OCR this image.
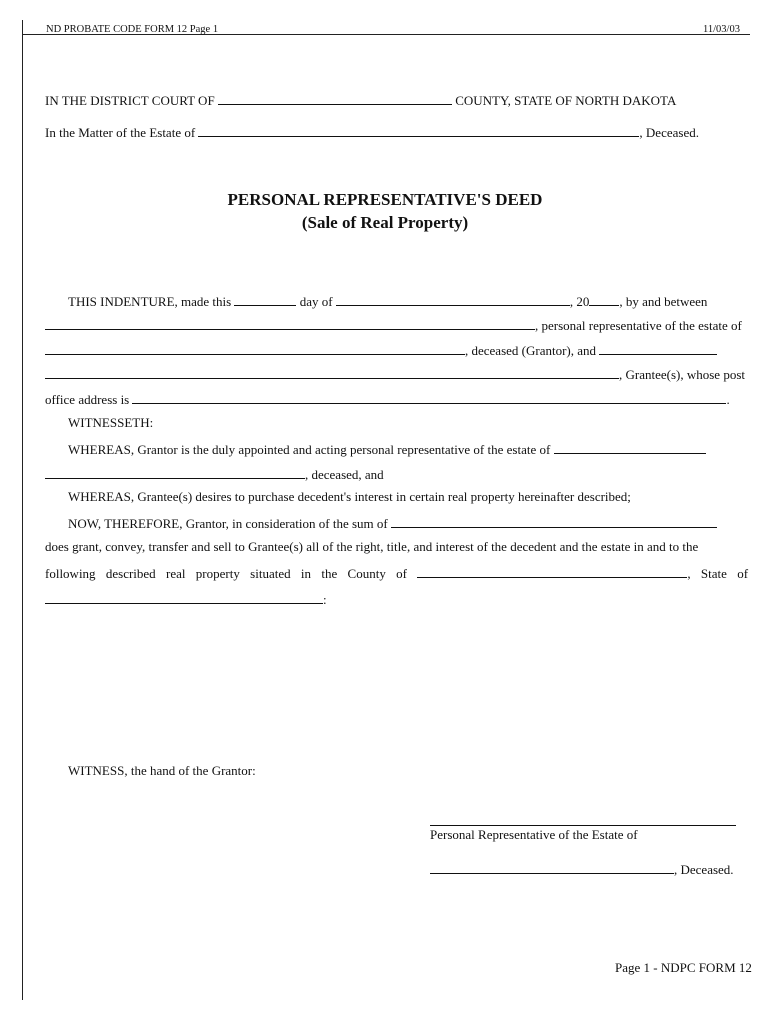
ND PROBATE CODE FORM 12 Page 1	11/03/03
IN THE DISTRICT COURT OF	COUNTY, STATE OF NORTH DAKOTA
In the Matter of the Estate of	, Deceased.
PERSONAL REPRESENTATIVE'S DEED
(Sale of Real Property)
THIS INDENTURE, made this	day of	, 20 , by and between
, personal representative of the estate of
, deceased (Grantor), and
, Grantee(s), whose post
office address is	.
WITNESSETH:
WHEREAS, Grantor is the duly appointed and acting personal representative of the estate of
, deceased, and
WHEREAS, Grantee(s) desires to purchase decedent's interest in certain real property hereinafter described;
NOW, THEREFORE, Grantor, in consideration of the sum of
does grant, convey, transfer and sell to Grantee(s) all of the right, title, and interest of the decedent and the estate in and to the
following described real property situated in the County of	, State of
:
WITNESS, the hand of the Grantor:
Personal Representative of the Estate of
, Deceased.
Page 1 - NDPC FORM 12
